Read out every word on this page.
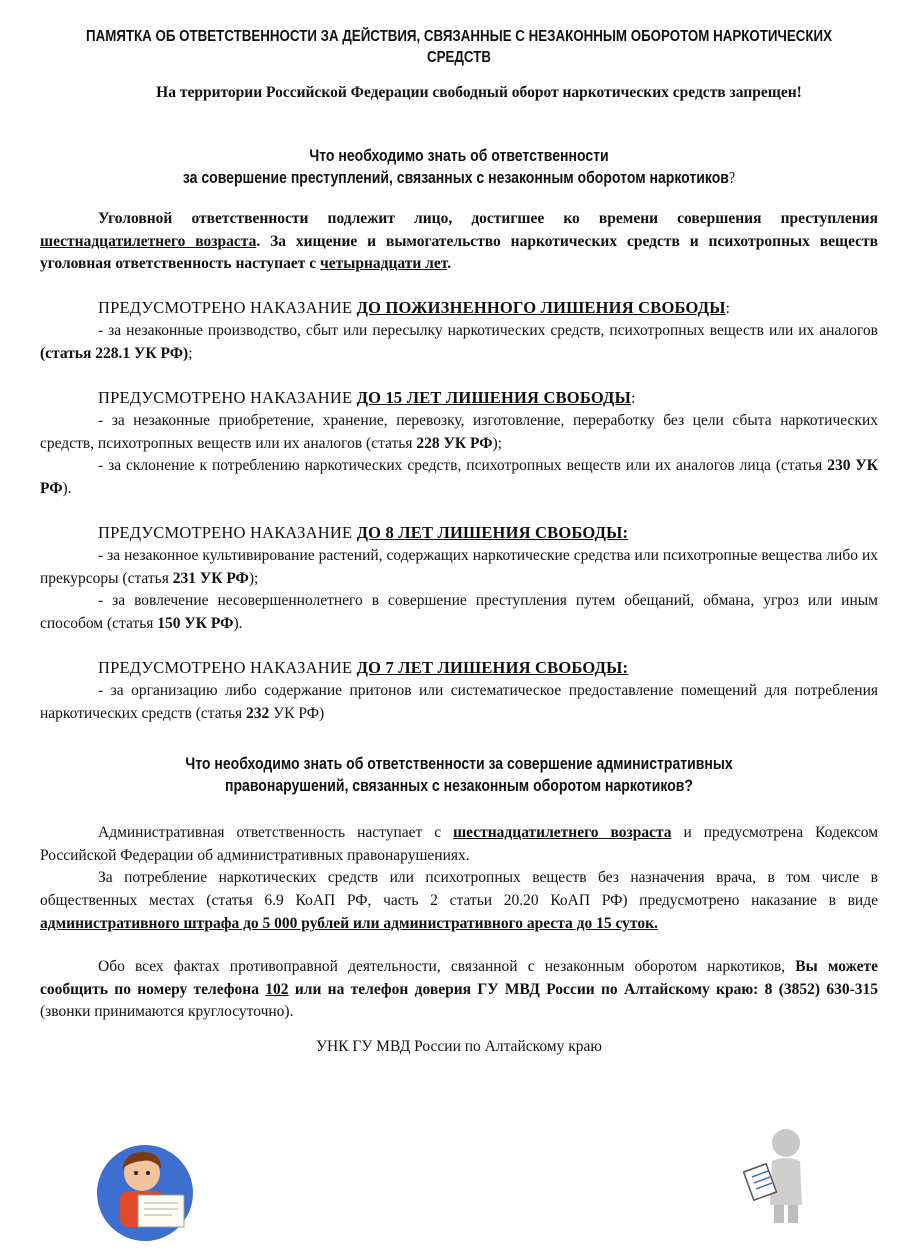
ПАМЯТКА ОБ ОТВЕТСТВЕННОСТИ ЗА ДЕЙСТВИЯ, СВЯЗАННЫЕ С НЕЗАКОННЫМ ОБОРОТОМ НАРКОТИЧЕСКИХ
СРЕДСТВ
На территории Российской Федерации свободный оборот наркотических средств запрещен!
Что необходимо знать об ответственности
за совершение преступлений, связанных с незаконным оборотом наркотиков?

Уголовной ответственности подлежит лицо, достигшее ко времени совершения преступления шестнадцатилетнего возраста. За хищение и вымогательство наркотических средств и психотропных веществ уголовная ответственность наступает с четырнадцати лет.

ПРЕДУСМОТРЕНО НАКАЗАНИЕ ДО ПОЖИЗНЕННОГО ЛИШЕНИЯ СВОБОДЫ:

- за незаконные производство, сбыт или пересылку наркотических средств, психотропных веществ или их аналогов (статья 228.1 УК РФ);

ПРЕДУСМОТРЕНО НАКАЗАНИЕ ДО 15 ЛЕТ ЛИШЕНИЯ СВОБОДЫ:

- за незаконные приобретение, хранение, перевозку, изготовление, переработку без цели сбыта наркотических средств, психотропных веществ или их аналогов (статья 228 УК РФ);

- за склонение к потреблению наркотических средств, психотропных веществ или их аналогов лица (статья 230 УК РФ).

ПРЕДУСМОТРЕНО НАКАЗАНИЕ ДО 8 ЛЕТ ЛИШЕНИЯ СВОБОДЫ:

- за незаконное культивирование растений, содержащих наркотические средства или психотропные вещества либо их прекурсоры (статья 231 УК РФ);

- за вовлечение несовершеннолетнего в совершение преступления путем обещаний, обмана, угроз или иным способом (статья 150 УК РФ).

ПРЕДУСМОТРЕНО НАКАЗАНИЕ ДО 7 ЛЕТ ЛИШЕНИЯ СВОБОДЫ:

- за организацию либо содержание притонов или систематическое предоставление помещений для потребления наркотических средств (статья 232 УК РФ)

Что необходимо знать об ответственности за совершение административных
правонарушений, связанных с незаконным оборотом наркотиков?

Административная ответственность наступает с шестнадцатилетнего возраста и предусмотрена Кодексом Российской Федерации об административных правонарушениях.

За потребление наркотических средств или психотропных веществ без назначения врача, в том числе в общественных местах (статья 6.9 КоАП РФ, часть 2 статьи 20.20 КоАП РФ) предусмотрено наказание в виде административного штрафа до 5 000 рублей или административного ареста до 15 суток.

Обо всех фактах противоправной деятельности, связанной с незаконным оборотом наркотиков, Вы можете сообщить по номеру телефона 102 или на телефон доверия ГУ МВД России по Алтайскому краю: 8 (3852) 630-315 (звонки принимаются круглосуточно).

УНК ГУ МВД России по Алтайскому краю
